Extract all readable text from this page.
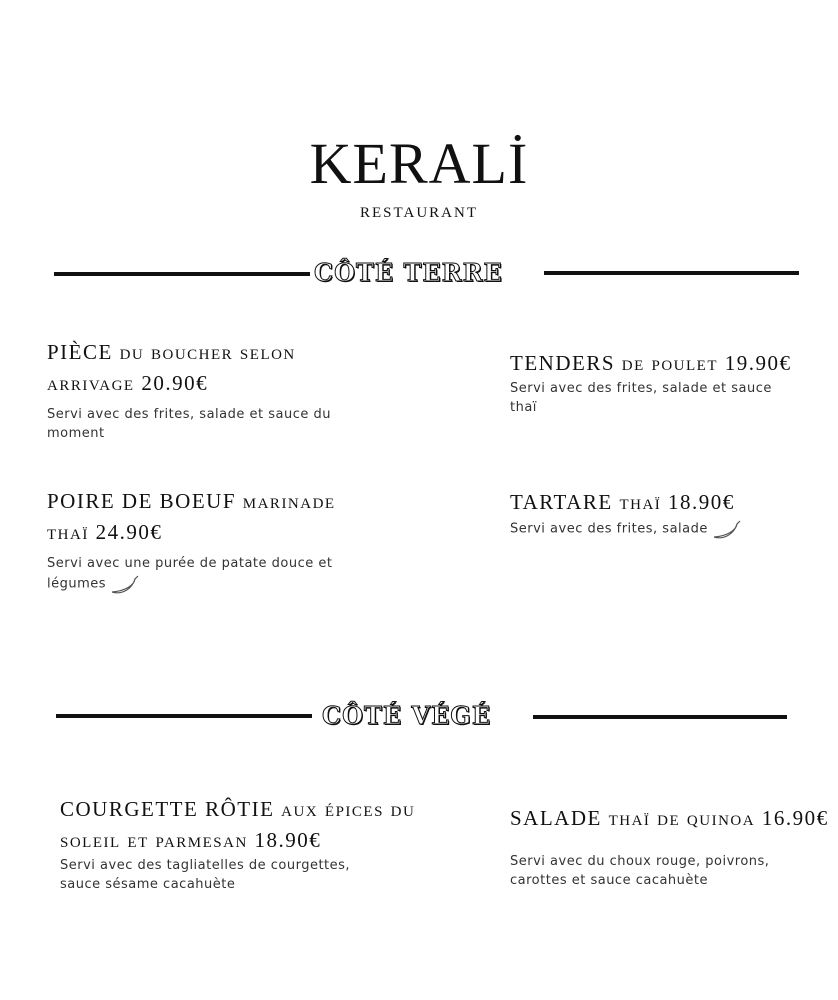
KERALİ
RESTAURANT
CÔTÉ TERRE
PIÈCE du boucher selon arrivage 20.90€
Servi avec des frites, salade et sauce du moment
TENDERS de poulet 19.90€
Servi avec des frites, salade et sauce thaï
POIRE DE BOEUF marinade thaï 24.90€
Servi avec une purée de patate douce et légumes
TARTARE thaï 18.90€
Servi avec des frites, salade
CÔTÉ VÉGÉ
COURGETTE RÔTIE aux épices du soleil et parmesan 18.90€
Servi avec des tagliatelles de courgettes, sauce sésame cacahuète
SALADE thaï de quinoa 16.90€
Servi avec du choux rouge, poivrons, carottes et sauce cacahuète
